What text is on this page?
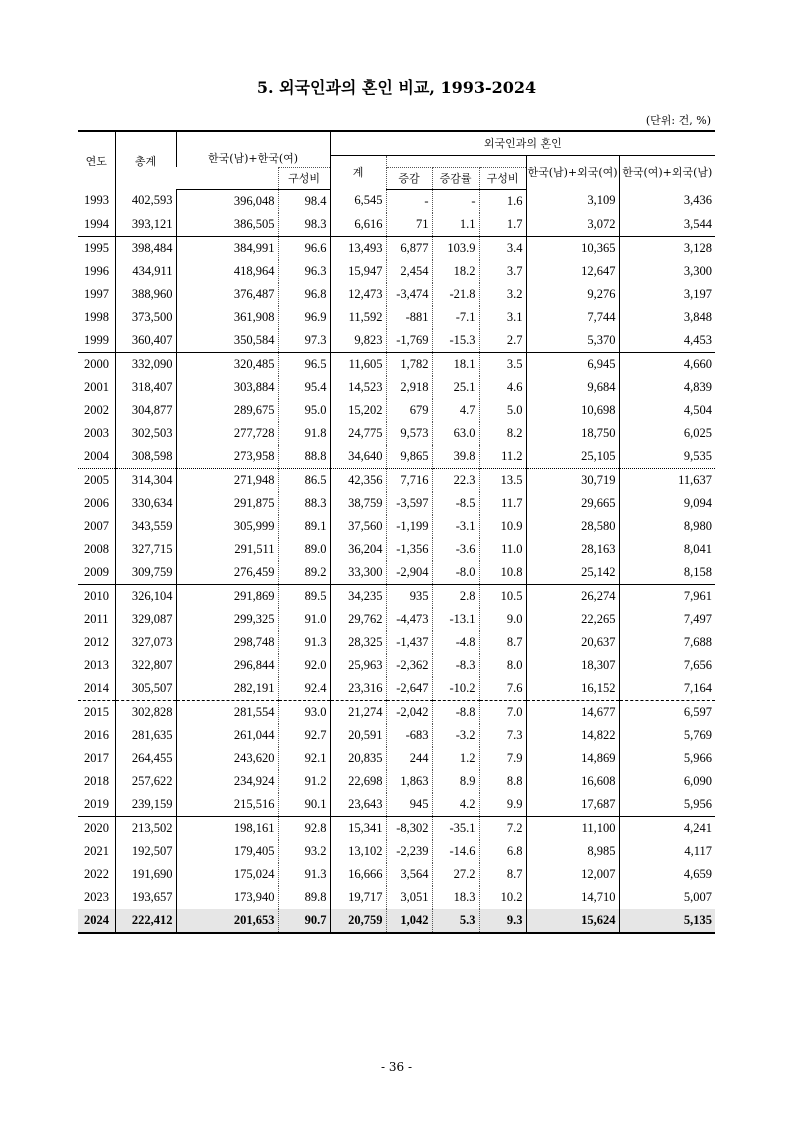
5. 외국인과의 혼인 비교, 1993-2024
(단위: 건, %)
연도	총계	한국(남)+한국(여)		외국인과의 혼인					
				계				한국(남)+외국(여)	한국(여)+외국(남)
			구성비		증감	증감률	구성비		
1993	402,593	396,048	98.4	6,545	-	-	1.6	3,109	3,436
1994	393,121	386,505	98.3	6,616	71	1.1	1.7	3,072	3,544
1995	398,484	384,991	96.6	13,493	6,877	103.9	3.4	10,365	3,128
1996	434,911	418,964	96.3	15,947	2,454	18.2	3.7	12,647	3,300
1997	388,960	376,487	96.8	12,473	-3,474	-21.8	3.2	9,276	3,197
1998	373,500	361,908	96.9	11,592	-881	-7.1	3.1	7,744	3,848
1999	360,407	350,584	97.3	9,823	-1,769	-15.3	2.7	5,370	4,453
2000	332,090	320,485	96.5	11,605	1,782	18.1	3.5	6,945	4,660
2001	318,407	303,884	95.4	14,523	2,918	25.1	4.6	9,684	4,839
2002	304,877	289,675	95.0	15,202	679	4.7	5.0	10,698	4,504
2003	302,503	277,728	91.8	24,775	9,573	63.0	8.2	18,750	6,025
2004	308,598	273,958	88.8	34,640	9,865	39.8	11.2	25,105	9,535
2005	314,304	271,948	86.5	42,356	7,716	22.3	13.5	30,719	11,637
2006	330,634	291,875	88.3	38,759	-3,597	-8.5	11.7	29,665	9,094
2007	343,559	305,999	89.1	37,560	-1,199	-3.1	10.9	28,580	8,980
2008	327,715	291,511	89.0	36,204	-1,356	-3.6	11.0	28,163	8,041
2009	309,759	276,459	89.2	33,300	-2,904	-8.0	10.8	25,142	8,158
2010	326,104	291,869	89.5	34,235	935	2.8	10.5	26,274	7,961
2011	329,087	299,325	91.0	29,762	-4,473	-13.1	9.0	22,265	7,497
2012	327,073	298,748	91.3	28,325	-1,437	-4.8	8.7	20,637	7,688
2013	322,807	296,844	92.0	25,963	-2,362	-8.3	8.0	18,307	7,656
2014	305,507	282,191	92.4	23,316	-2,647	-10.2	7.6	16,152	7,164
2015	302,828	281,554	93.0	21,274	-2,042	-8.8	7.0	14,677	6,597
2016	281,635	261,044	92.7	20,591	-683	-3.2	7.3	14,822	5,769
2017	264,455	243,620	92.1	20,835	244	1.2	7.9	14,869	5,966
2018	257,622	234,924	91.2	22,698	1,863	8.9	8.8	16,608	6,090
2019	239,159	215,516	90.1	23,643	945	4.2	9.9	17,687	5,956
2020	213,502	198,161	92.8	15,341	-8,302	-35.1	7.2	11,100	4,241
2021	192,507	179,405	93.2	13,102	-2,239	-14.6	6.8	8,985	4,117
2022	191,690	175,024	91.3	16,666	3,564	27.2	8.7	12,007	4,659
2023	193,657	173,940	89.8	19,717	3,051	18.3	10.2	14,710	5,007
2024	222,412	201,653	90.7	20,759	1,042	5.3	9.3	15,624	5,135
- 36 -
